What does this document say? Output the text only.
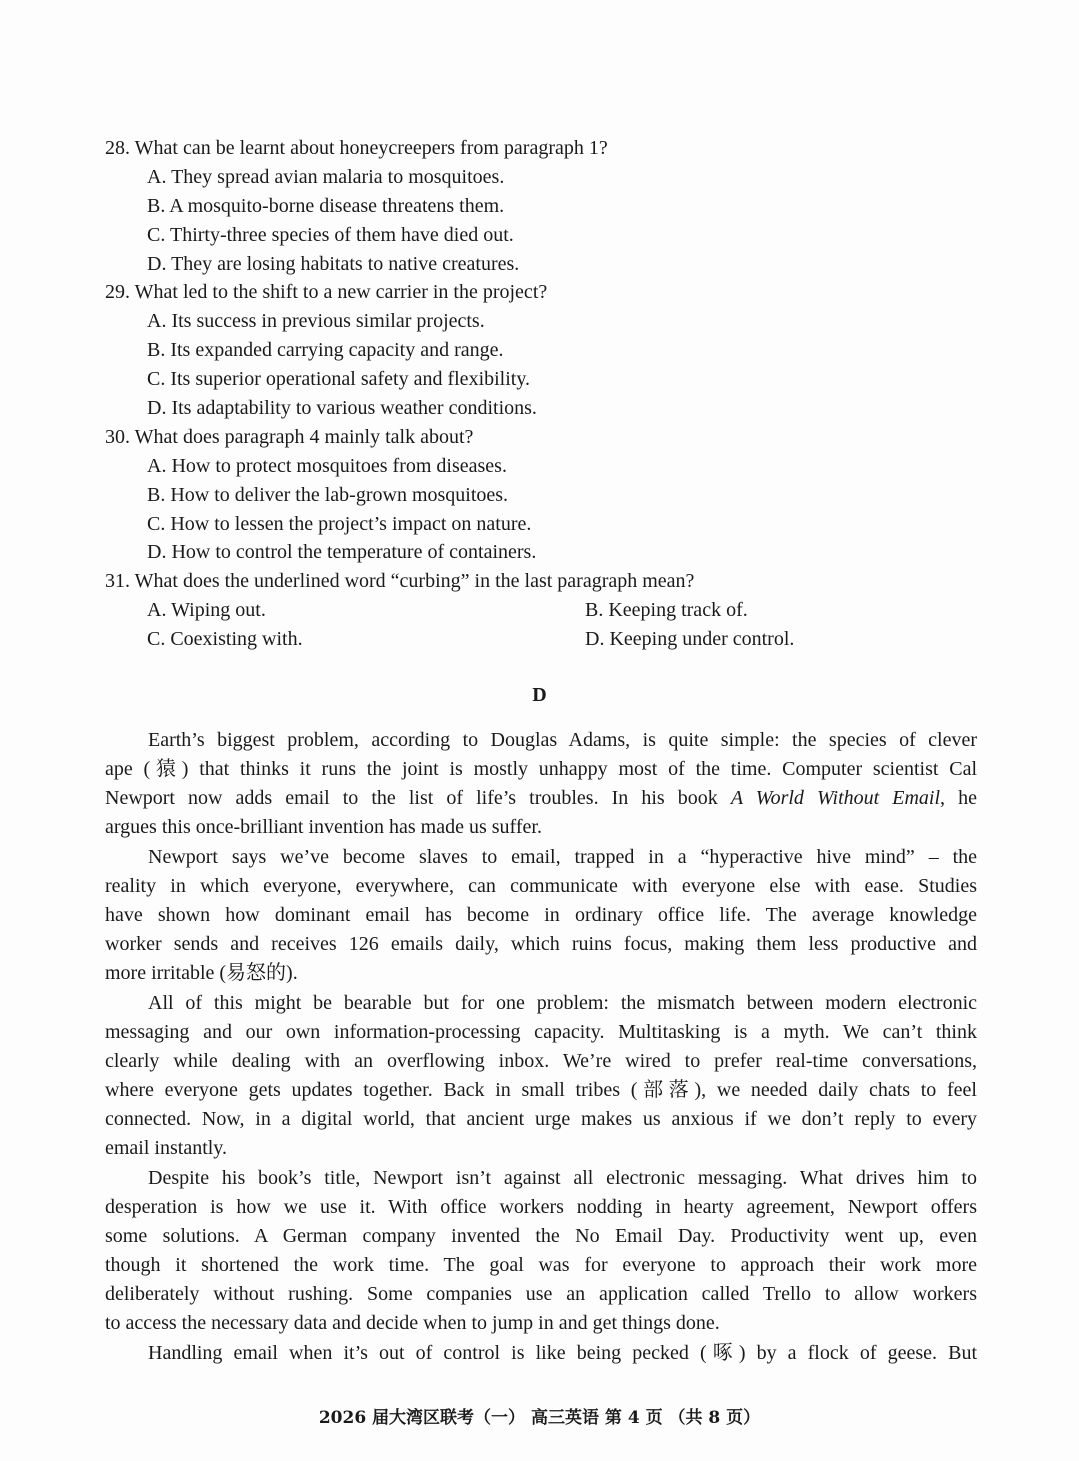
28. What can be learnt about honeycreepers from paragraph 1?
A. They spread avian malaria to mosquitoes.
B. A mosquito-borne disease threatens them.
C. Thirty-three species of them have died out.
D. They are losing habitats to native creatures.
29. What led to the shift to a new carrier in the project?
A. Its success in previous similar projects.
B. Its expanded carrying capacity and range.
C. Its superior operational safety and flexibility.
D. Its adaptability to various weather conditions.
30. What does paragraph 4 mainly talk about?
A. How to protect mosquitoes from diseases.
B. How to deliver the lab-grown mosquitoes.
C. How to lessen the project’s impact on nature.
D. How to control the temperature of containers.
31. What does the underlined word “curbing” in the last paragraph mean?
A. Wiping out.	B. Keeping track of.
C. Coexisting with.	D. Keeping under control.
D
Earth’s biggest problem, according to Douglas Adams, is quite simple: the species of clever
ape (猿) that thinks it runs the joint is mostly unhappy most of the time. Computer scientist Cal
Newport now adds email to the list of life’s troubles. In his book A World Without Email, he
argues this once-brilliant invention has made us suffer.
Newport says we’ve become slaves to email, trapped in a “hyperactive hive mind” – the
reality in which everyone, everywhere, can communicate with everyone else with ease. Studies
have shown how dominant email has become in ordinary office life. The average knowledge
worker sends and receives 126 emails daily, which ruins focus, making them less productive and
more irritable (易怒的).
All of this might be bearable but for one problem: the mismatch between modern electronic
messaging and our own information-processing capacity. Multitasking is a myth. We can’t think
clearly while dealing with an overflowing inbox. We’re wired to prefer real-time conversations,
where everyone gets updates together. Back in small tribes (部落), we needed daily chats to feel
connected. Now, in a digital world, that ancient urge makes us anxious if we don’t reply to every
email instantly.
Despite his book’s title, Newport isn’t against all electronic messaging. What drives him to
desperation is how we use it. With office workers nodding in hearty agreement, Newport offers
some solutions. A German company invented the No Email Day. Productivity went up, even
though it shortened the work time. The goal was for everyone to approach their work more
deliberately without rushing. Some companies use an application called Trello to allow workers
to access the necessary data and decide when to jump in and get things done.
Handling email when it’s out of control is like being pecked (啄) by a flock of geese. But
2026 届大湾区联考（一） 高三英语 第 4 页 （共 8 页）
